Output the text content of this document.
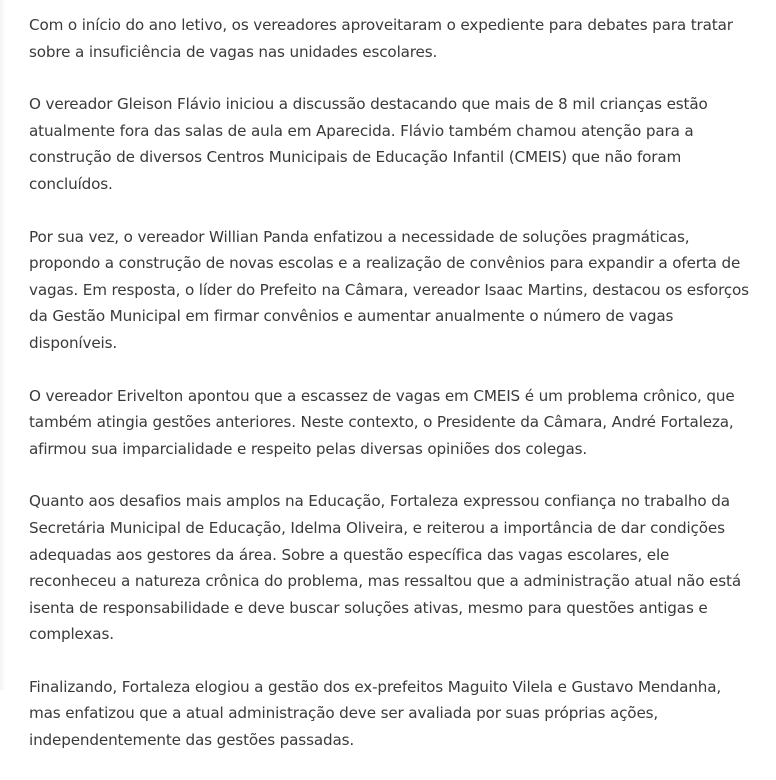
Com o início do ano letivo, os vereadores aproveitaram o expediente para debates para tratar sobre a insuficiência de vagas nas unidades escolares.

O vereador Gleison Flávio iniciou a discussão destacando que mais de 8 mil crianças estão atualmente fora das salas de aula em Aparecida. Flávio também chamou atenção para a construção de diversos Centros Municipais de Educação Infantil (CMEIS) que não foram concluídos.

Por sua vez, o vereador Willian Panda enfatizou a necessidade de soluções pragmáticas, propondo a construção de novas escolas e a realização de convênios para expandir a oferta de vagas. Em resposta, o líder do Prefeito na Câmara, vereador Isaac Martins, destacou os esforços da Gestão Municipal em firmar convênios e aumentar anualmente o número de vagas disponíveis.

O vereador Erivelton apontou que a escassez de vagas em CMEIS é um problema crônico, que também atingia gestões anteriores. Neste contexto, o Presidente da Câmara, André Fortaleza, afirmou sua imparcialidade e respeito pelas diversas opiniões dos colegas.

Quanto aos desafios mais amplos na Educação, Fortaleza expressou confiança no trabalho da Secretária Municipal de Educação, Idelma Oliveira, e reiterou a importância de dar condições adequadas aos gestores da área. Sobre a questão específica das vagas escolares, ele reconheceu a natureza crônica do problema, mas ressaltou que a administração atual não está isenta de responsabilidade e deve buscar soluções ativas, mesmo para questões antigas e complexas.

Finalizando, Fortaleza elogiou a gestão dos ex-prefeitos Maguito Vilela e Gustavo Mendanha, mas enfatizou que a atual administração deve ser avaliada por suas próprias ações, independentemente das gestões passadas.
